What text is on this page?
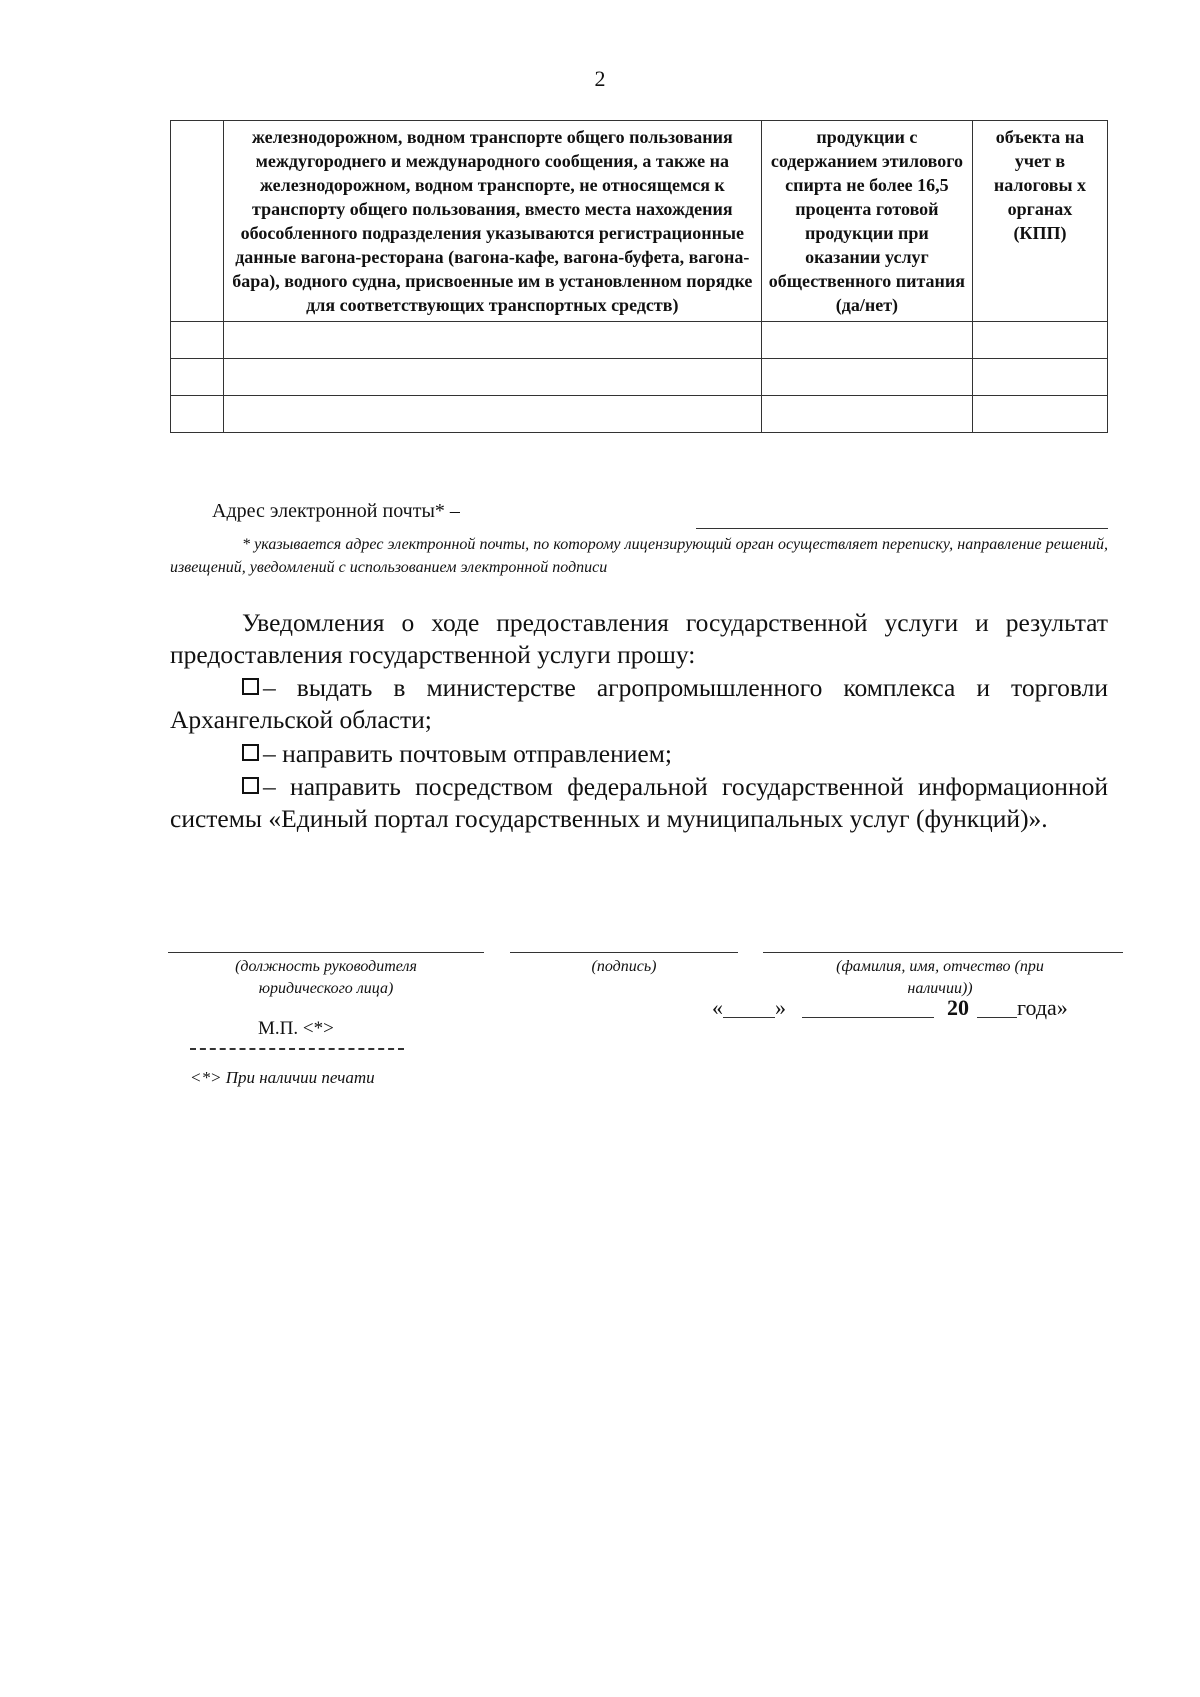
2
	железнодорожном, водном транспорте общего пользования междугороднего и международного сообщения, а также на железнодорожном, водном транспорте, не относящемся к транспорту общего пользования, вместо места нахождения обособленного подразделения указываются регистрационные данные вагона-ресторана (вагона-кафе, вагона-буфета, вагона-бара), водного судна, присвоенные им в установленном порядке для соответствующих транспортных средств)	продукции с содержанием этилового спирта не более 16,5 процента готовой продукции при оказании услуг общественного питания (да/нет)	объекта на учет в налоговы х органах (КПП)

Адрес электронной почты* –
* указывается адрес электронной почты, по которому лицензирующий орган осуществляет переписку, направление решений, извещений, уведомлений с использованием электронной подписи
Уведомления о ходе предоставления государственной услуги и результат предоставления государственной услуги прошу:
– выдать в министерстве агропромышленного комплекса и торговли Архангельской области;
– направить почтовым отправлением;
– направить посредством федеральной государственной информационной системы «Единый портал государственных и муниципальных услуг (функций)».
(должность руководителя юридического лица)
(подпись)	(фамилия, имя, отчество (при наличии))
« »	20 года»
М.П. <*>
<*> При наличии печати
